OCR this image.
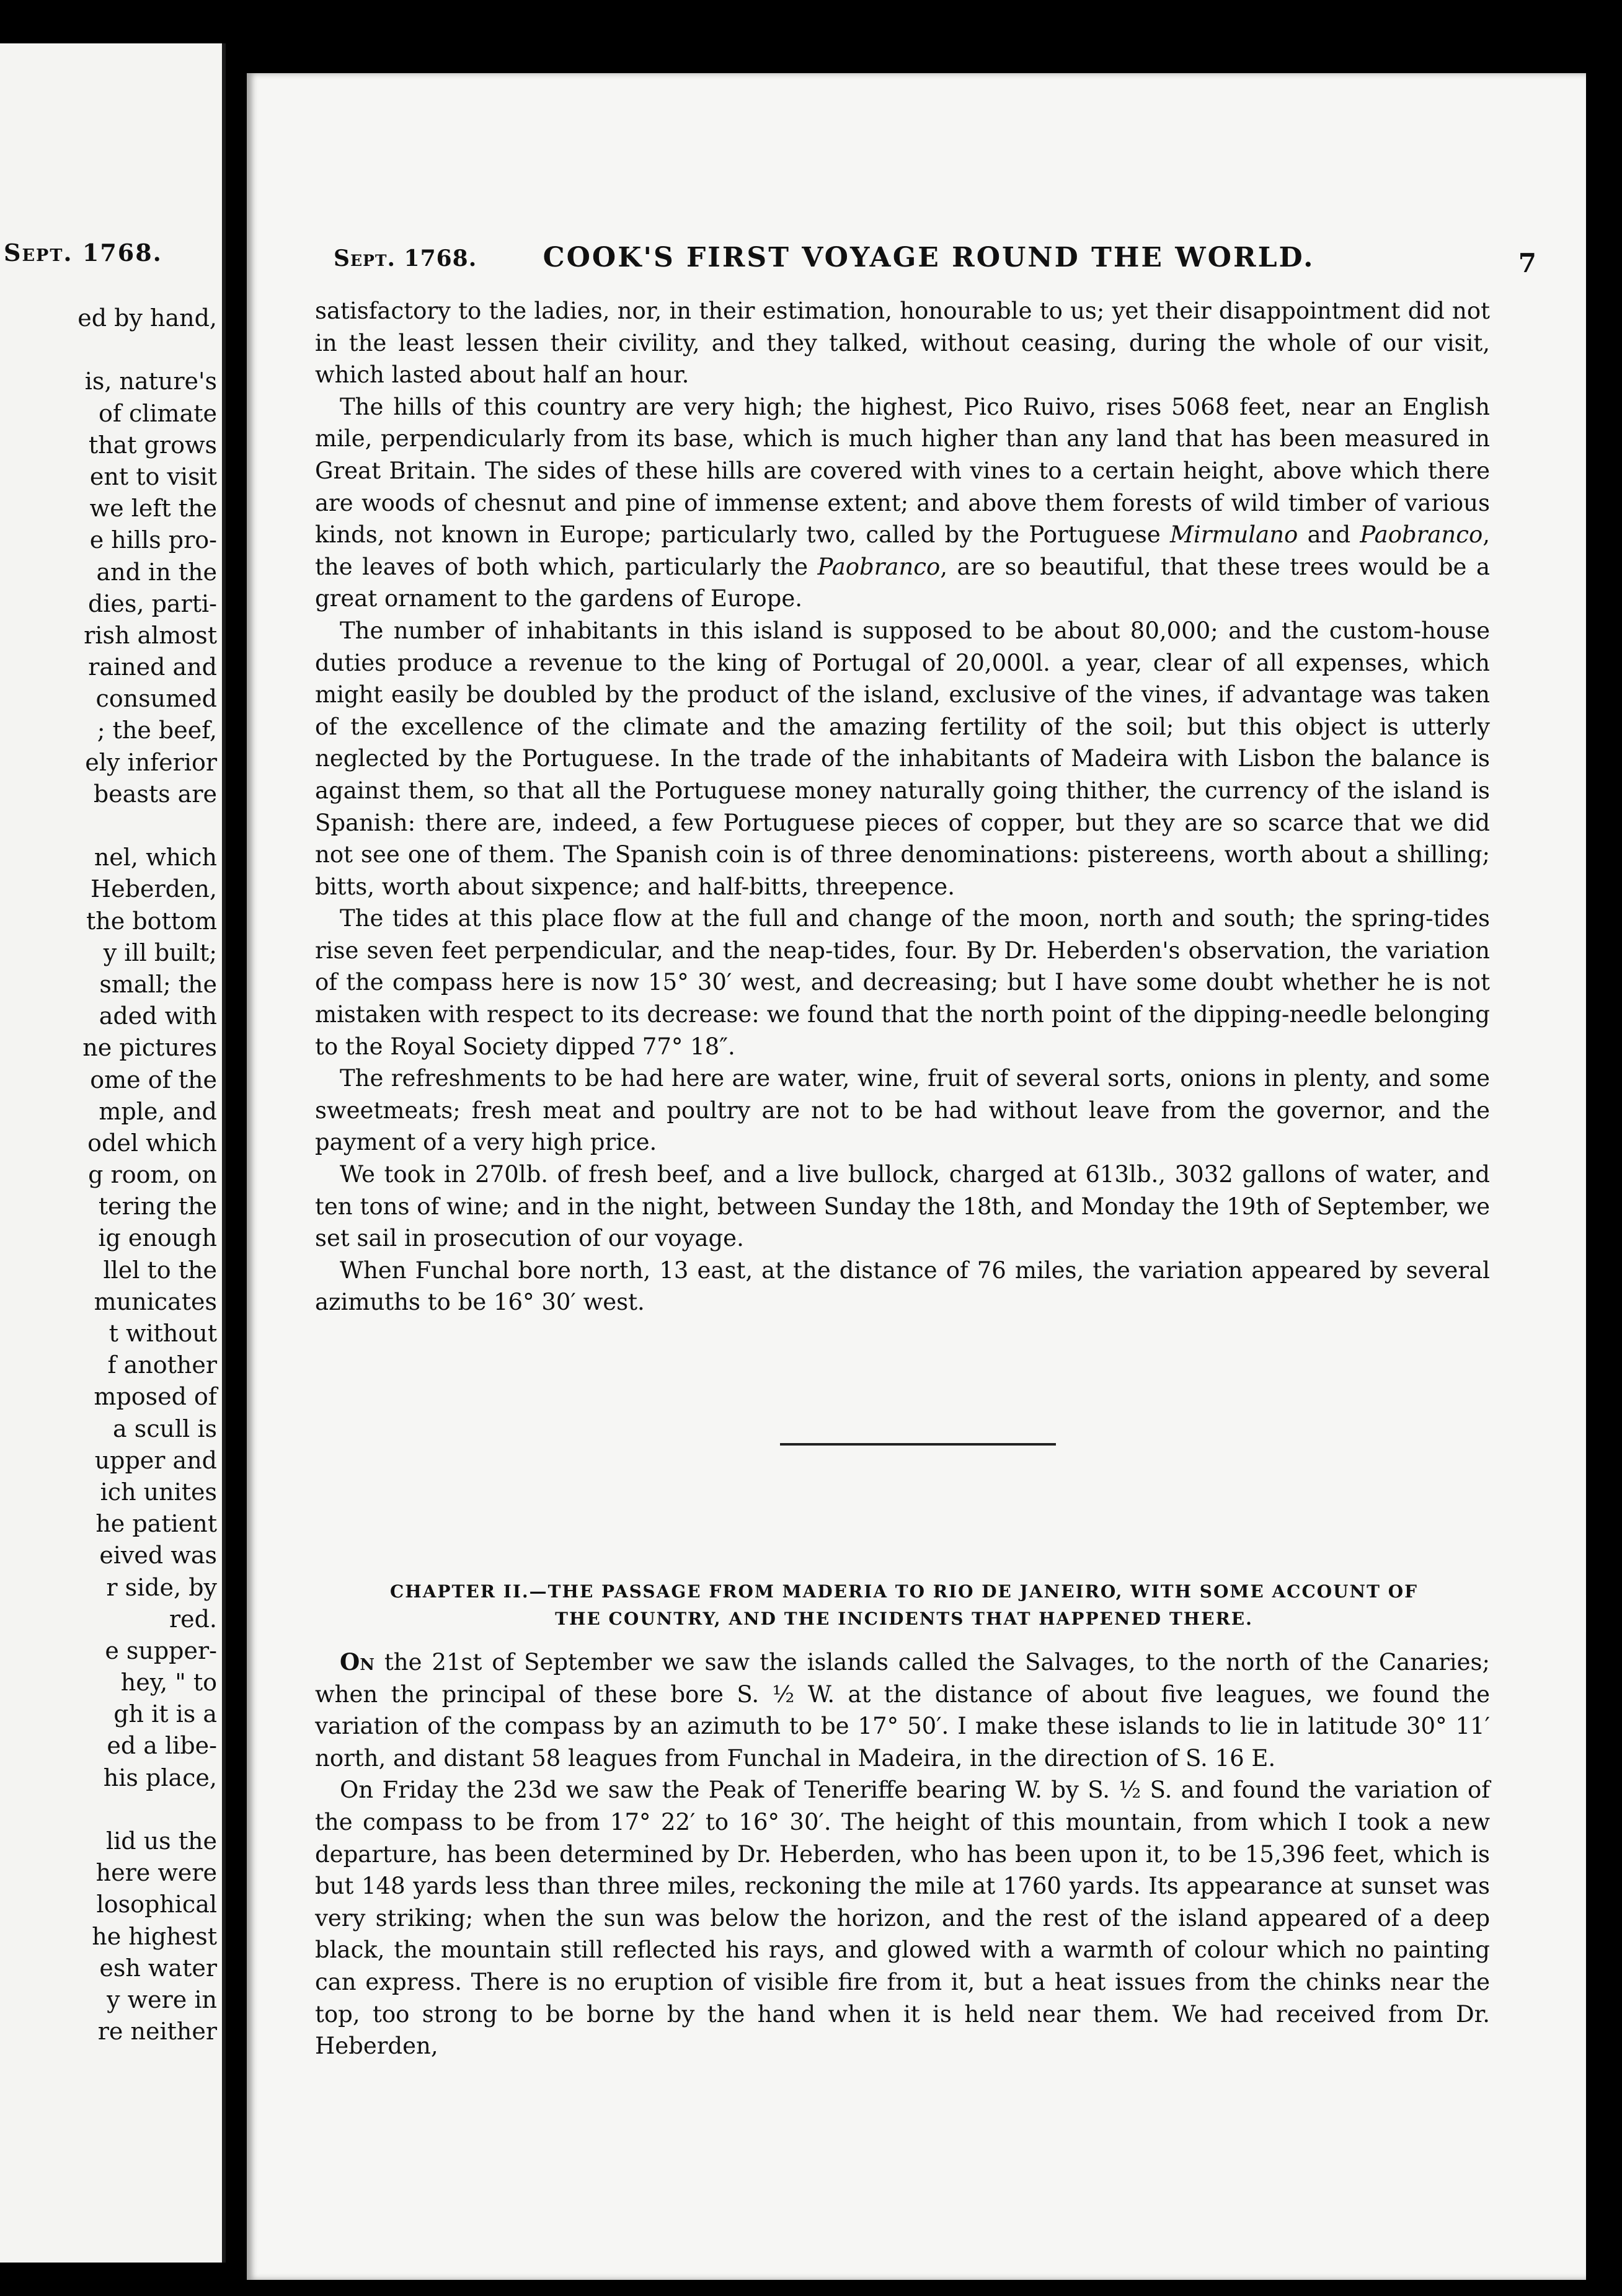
Sept. 1768.
ed by hand,
is, nature's
of climate
that grows
ent to visit
we left the
e hills pro-
and in the
dies, parti-
rish almost
rained and
consumed
; the beef,
ely inferior
beasts are
nel, which
Heberden,
the bottom
y ill built;
small; the
aded with
ne pictures
ome of the
mple, and
odel which
g room, on
tering the
ig enough
llel to the
municates
t without
f another
mposed of
a scull is
upper and
ich unites
he patient
eived was
r side, by
red.
e supper-
hey, " to
gh it is a
ed a libe-
his place,
lid us the
here were
losophical
he highest
esh water
y were in
re neither
Sept. 1768.	COOK'S FIRST VOYAGE ROUND THE WORLD.	7

satisfactory to the ladies, nor, in their estimation, honourable to us; yet their disappointment did not in the least lessen their civility, and they talked, without ceasing, during the whole of our visit, which lasted about half an hour.

The hills of this country are very high; the highest, Pico Ruivo, rises 5068 feet, near an English mile, perpendicularly from its base, which is much higher than any land that has been measured in Great Britain. The sides of these hills are covered with vines to a certain height, above which there are woods of chesnut and pine of immense extent; and above them forests of wild timber of various kinds, not known in Europe; particularly two, called by the Portuguese Mirmulano and Paobranco, the leaves of both which, particularly the Paobranco, are so beautiful, that these trees would be a great ornament to the gardens of Europe.

The number of inhabitants in this island is supposed to be about 80,000; and the custom-house duties produce a revenue to the king of Portugal of 20,000l. a year, clear of all expenses, which might easily be doubled by the product of the island, exclusive of the vines, if advantage was taken of the excellence of the climate and the amazing fertility of the soil; but this object is utterly neglected by the Portuguese. In the trade of the inhabitants of Madeira with Lisbon the balance is against them, so that all the Portuguese money naturally going thither, the currency of the island is Spanish: there are, indeed, a few Portuguese pieces of copper, but they are so scarce that we did not see one of them. The Spanish coin is of three denominations: pistereens, worth about a shilling; bitts, worth about sixpence; and half-bitts, threepence.

The tides at this place flow at the full and change of the moon, north and south; the spring-tides rise seven feet perpendicular, and the neap-tides, four. By Dr. Heberden's observation, the variation of the compass here is now 15° 30′ west, and decreasing; but I have some doubt whether he is not mistaken with respect to its decrease: we found that the north point of the dipping-needle belonging to the Royal Society dipped 77° 18″.

The refreshments to be had here are water, wine, fruit of several sorts, onions in plenty, and some sweetmeats; fresh meat and poultry are not to be had without leave from the governor, and the payment of a very high price.

We took in 270lb. of fresh beef, and a live bullock, charged at 613lb., 3032 gallons of water, and ten tons of wine; and in the night, between Sunday the 18th, and Monday the 19th of September, we set sail in prosecution of our voyage.

When Funchal bore north, 13 east, at the distance of 76 miles, the variation appeared by several azimuths to be 16° 30′ west.

CHAPTER II.—THE PASSAGE FROM MADERIA TO RIO DE JANEIRO, WITH SOME ACCOUNT OF
THE COUNTRY, AND THE INCIDENTS THAT HAPPENED THERE.

On the 21st of September we saw the islands called the Salvages, to the north of the Canaries; when the principal of these bore S. ½ W. at the distance of about five leagues, we found the variation of the compass by an azimuth to be 17° 50′. I make these islands to lie in latitude 30° 11′ north, and distant 58 leagues from Funchal in Madeira, in the direction of S. 16 E.

On Friday the 23d we saw the Peak of Teneriffe bearing W. by S. ½ S. and found the variation of the compass to be from 17° 22′ to 16° 30′. The height of this mountain, from which I took a new departure, has been determined by Dr. Heberden, who has been upon it, to be 15,396 feet, which is but 148 yards less than three miles, reckoning the mile at 1760 yards. Its appearance at sunset was very striking; when the sun was below the horizon, and the rest of the island appeared of a deep black, the mountain still reflected his rays, and glowed with a warmth of colour which no painting can express. There is no eruption of visible fire from it, but a heat issues from the chinks near the top, too strong to be borne by the hand when it is held near them. We had received from Dr. Heberden,
